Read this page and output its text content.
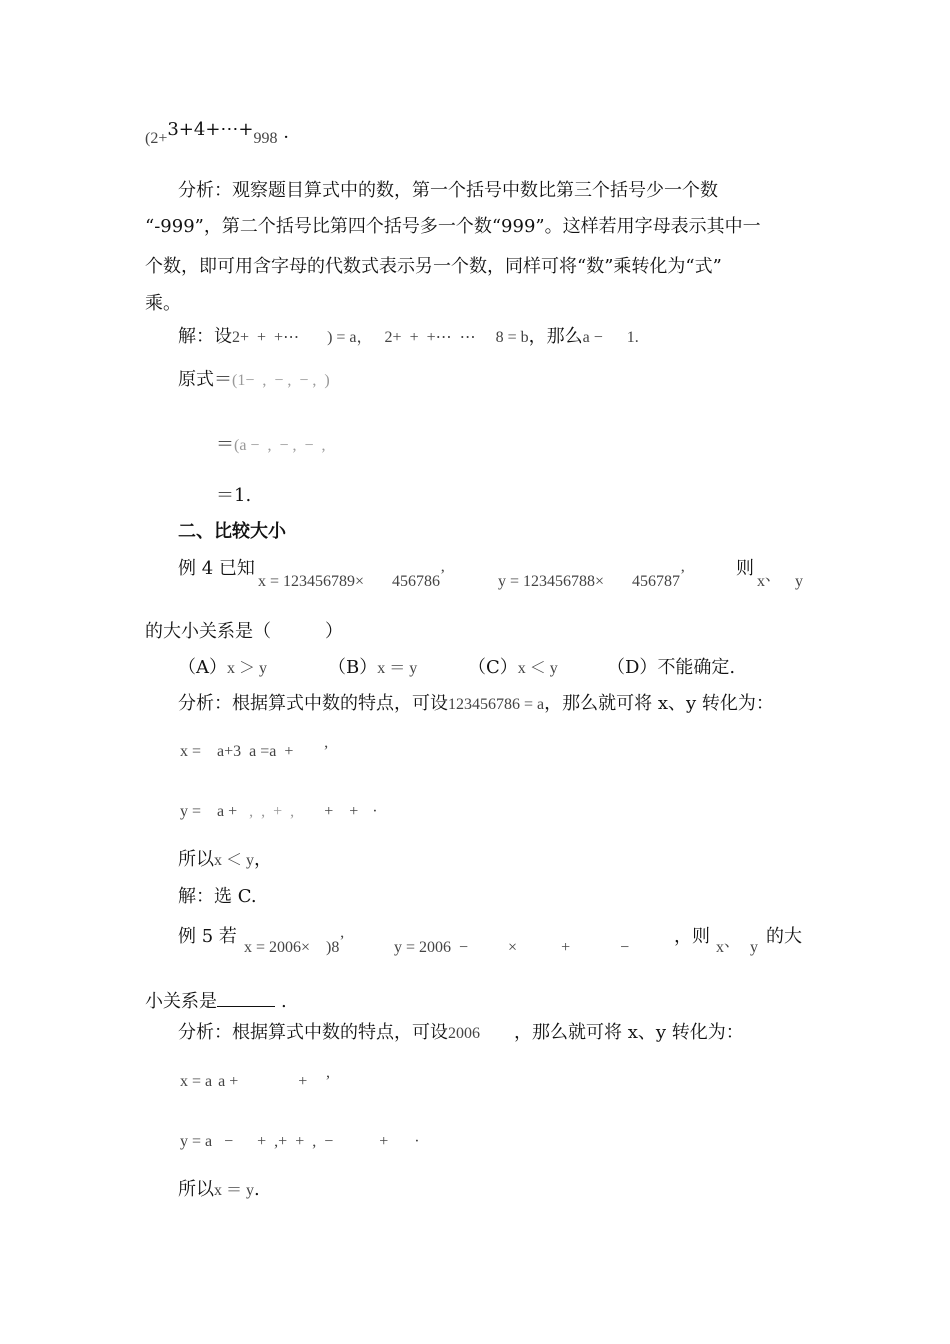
(2+3+4+⋯+998 ·
分析：观察题目算式中的数，第一个括号中数比第三个括号少一个数
“-999”，第二个括号比第四个括号多一个数“999”。这样若用字母表示其中一
个数，即可用含字母的代数式表示另一个数，同样可将“数”乘转化为“式”
乘。
解：设2+  +  +⋯ ) = a， 2+  +  +⋯  ⋯ 8 = b，那么a − 1.
原式＝(1−  ,  − ,  − ,  )
＝(a −  ,  − ,  −  ,
＝1.
二、比较大小
例 4 已知
x = 123456789× 456786’	y = 123456788× 456787’	则
x、 y
的大小关系是（	）
（A）x ＞ y	（B）x ＝ y	（C）x ＜ y	（D）不能确定.
分析：根据算式中数的特点，可设123456786 = a，那么就可将 x、y 转化为：
x = a+3  a =a  + ’
y = a + ,  ,  +  , +    + ·
所以x ＜ y，
解：选 C.
例 5 若
x = 2006× )8’	y = 2006  −	×	+	−
，则
x、 y
的大
小关系是	.
分析：根据算式中数的特点，可设2006 ，那么就可将 x、y 转化为：
x = a a +	+ ’
y = a − +  ,+  +  ,  −	+ ·
所以x ＝ y.
